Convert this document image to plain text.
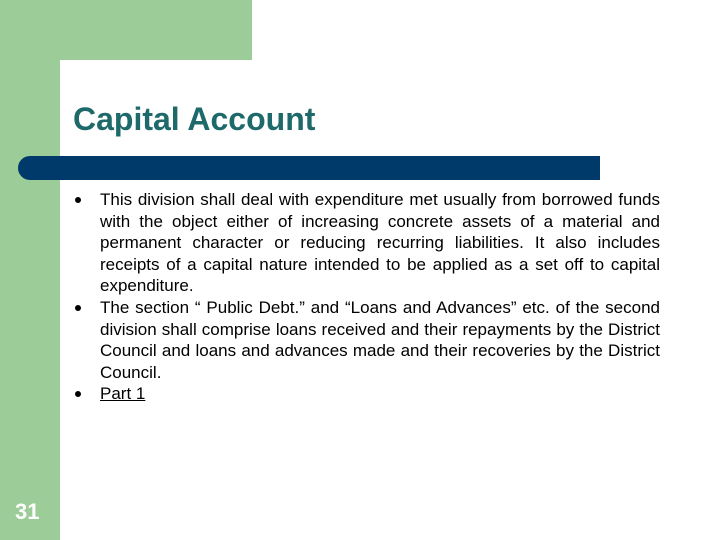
Capital Account
This division shall deal with expenditure met usually from borrowed funds with the object either of increasing concrete assets of a material and permanent character or reducing recurring liabilities. It also includes receipts of a capital nature intended to be applied as a set off to capital expenditure.
The section “ Public Debt.” and “Loans and Advances” etc. of the second division shall comprise loans received and their repayments by the District Council and loans and advances made and their recoveries by the District Council.
Part 1
31
